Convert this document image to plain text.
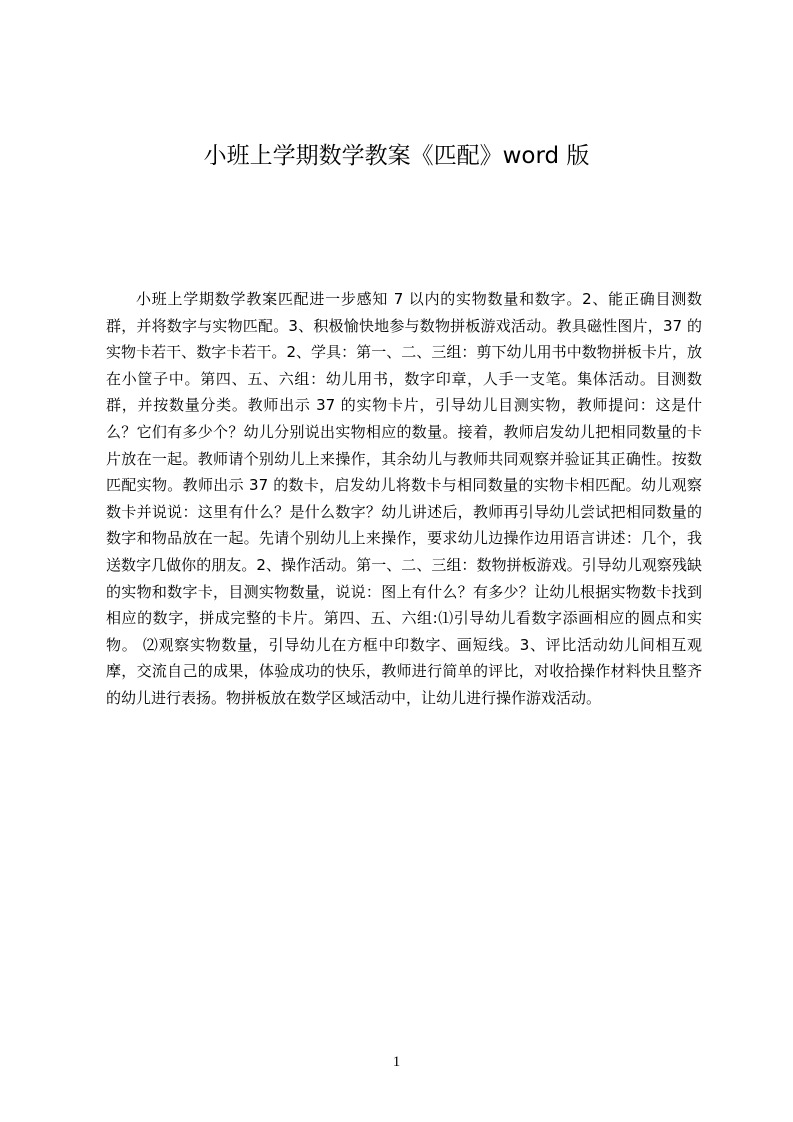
小班上学期数学教案《匹配》word 版

小班上学期数学教案匹配进一步感知 7 以内的实物数量和数字。2、能正确目测数群，并将数字与实物匹配。3、积极愉快地参与数物拼板游戏活动。教具磁性图片，37 的实物卡若干、数字卡若干。2、学具：第一、二、三组：剪下幼儿用书中数物拼板卡片，放在小筐子中。第四、五、六组：幼儿用书，数字印章，人手一支笔。集体活动。目测数群，并按数量分类。教师出示 37 的实物卡片，引导幼儿目测实物，教师提问：这是什么？它们有多少个？幼儿分别说出实物相应的数量。接着，教师启发幼儿把相同数量的卡片放在一起。教师请个别幼儿上来操作，其余幼儿与教师共同观察并验证其正确性。按数匹配实物。教师出示 37 的数卡，启发幼儿将数卡与相同数量的实物卡相匹配。幼儿观察数卡并说说：这里有什么？是什么数字？幼儿讲述后，教师再引导幼儿尝试把相同数量的数字和物品放在一起。先请个别幼儿上来操作，要求幼儿边操作边用语言讲述：几个，我送数字几做你的朋友。2、操作活动。第一、二、三组：数物拼板游戏。引导幼儿观察残缺的实物和数字卡，目测实物数量，说说：图上有什么？有多少？让幼儿根据实物数卡找到相应的数字，拼成完整的卡片。第四、五、六组:⑴引导幼儿看数字添画相应的圆点和实物。 ⑵观察实物数量，引导幼儿在方框中印数字、画短线。3、评比活动幼儿间相互观摩，交流自己的成果，体验成功的快乐，教师进行简单的评比，对收拾操作材料快且整齐的幼儿进行表扬。物拼板放在数学区域活动中，让幼儿进行操作游戏活动。

1
